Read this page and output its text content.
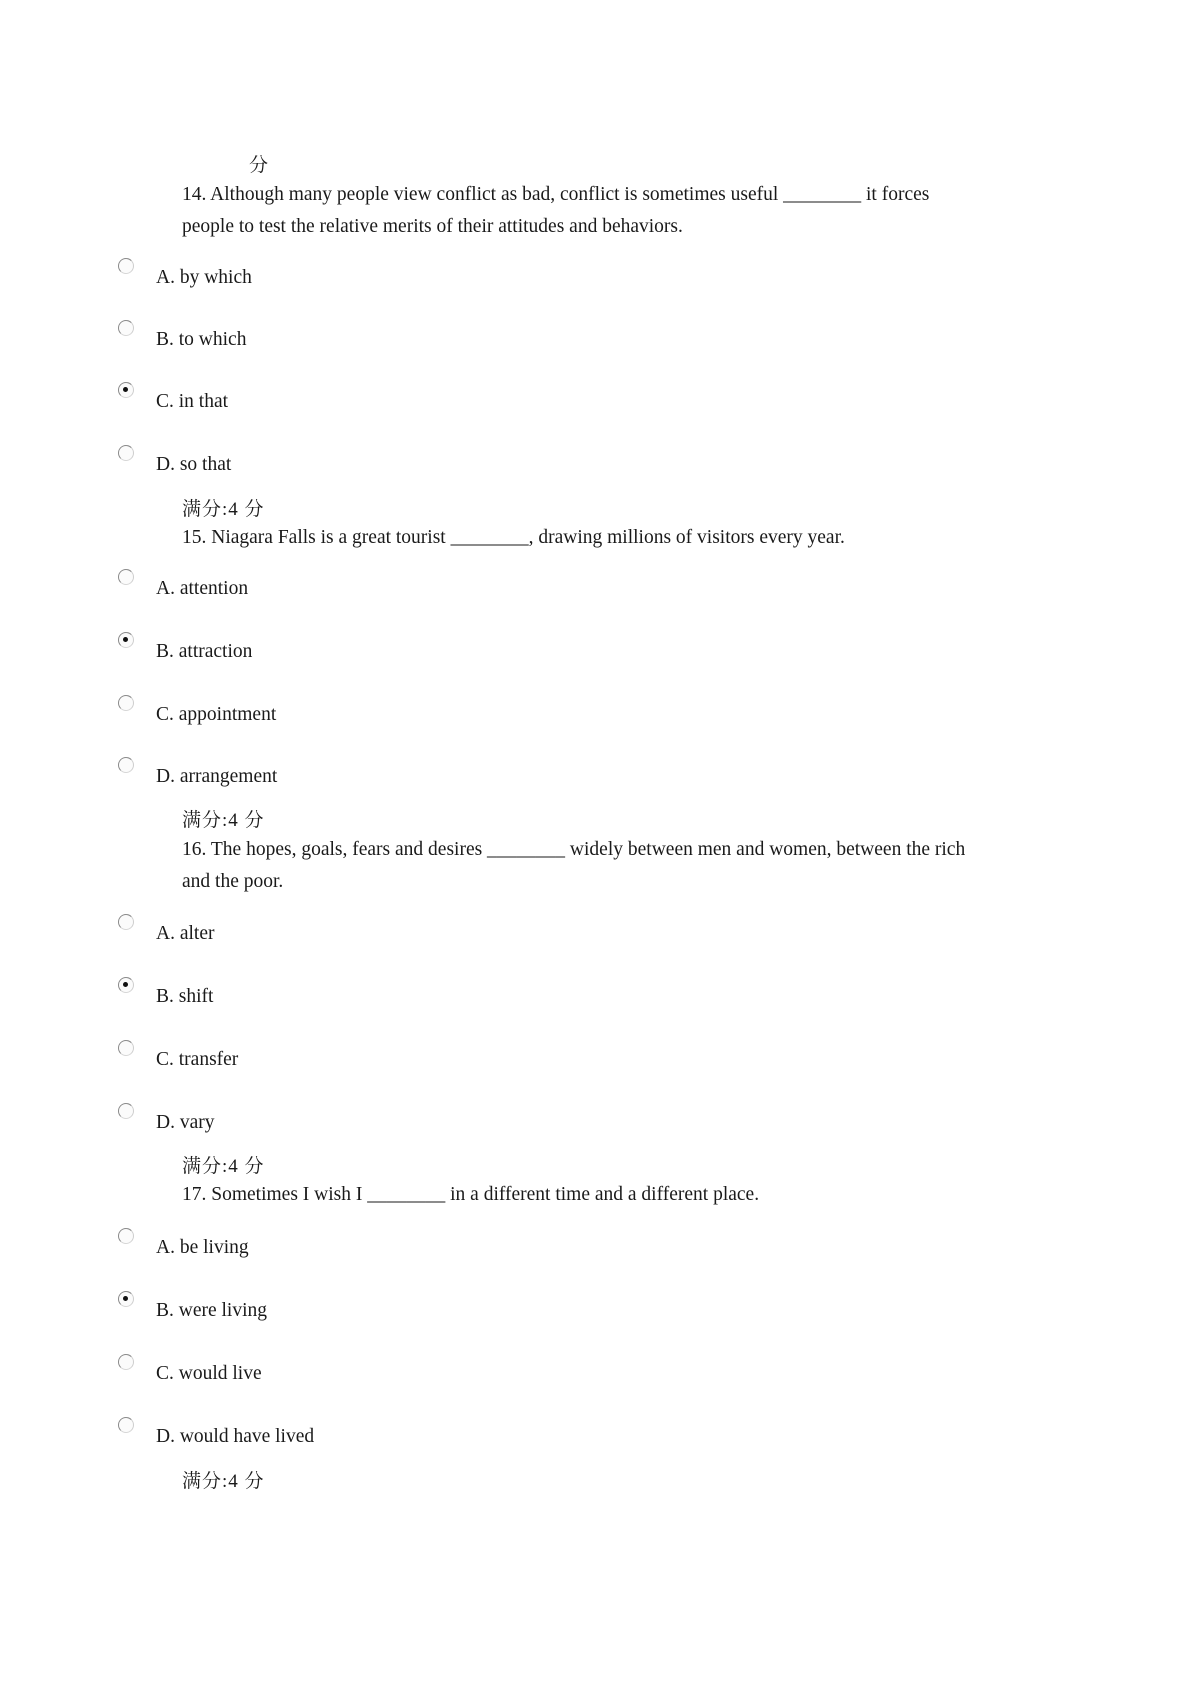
分
14. Although many people view conflict as bad, conflict is sometimes useful ________ it forces people to test the relative merits of their attitudes and behaviors.
A. by which
B. to which
C. in that
D. so that
满分:4 分
15. Niagara Falls is a great tourist ________, drawing millions of visitors every year.
A. attention
B. attraction
C. appointment
D. arrangement
满分:4 分
16. The hopes, goals, fears and desires ________ widely between men and women, between the rich and the poor.
A. alter
B. shift
C. transfer
D. vary
满分:4 分
17. Sometimes I wish I ________ in a different time and a different place.
A. be living
B. were living
C. would live
D. would have lived
满分:4 分
